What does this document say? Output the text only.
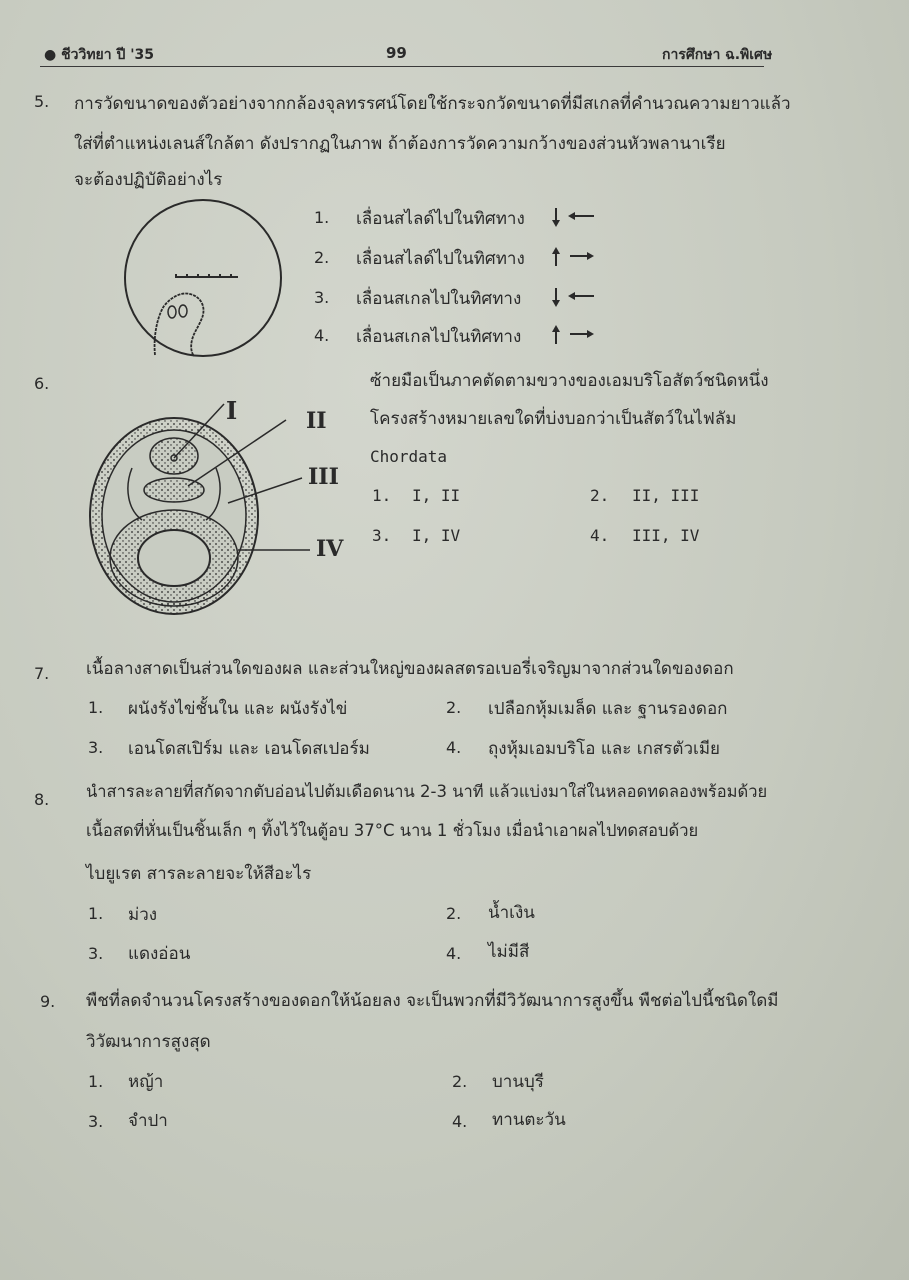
● ชีววิทยา ปี '35	99	การศึกษา ฉ.พิเศษ
5. การวัดขนาดของตัวอย่างจากกล้องจุลทรรศน์โดยใช้กระจกวัดขนาดที่มีสเกลที่คำนวณความยาวแล้ว
ใส่ที่ตำแหน่งเลนส์ใกล้ตา ดังปรากฏในภาพ ถ้าต้องการวัดความกว้างของส่วนหัวพลานาเรีย
จะต้องปฏิบัติอย่างไร
1. เลื่อนสไลด์ไปในทิศทาง
2. เลื่อนสไลด์ไปในทิศทาง
3. เลื่อนสเกลไปในทิศทาง
4. เลื่อนสเกลไปในทิศทาง
6.	ซ้ายมือเป็นภาคตัดตามขวางของเอมบริโอสัตว์ชนิดหนึ่ง
โครงสร้างหมายเลขใดที่บ่งบอกว่าเป็นสัตว์ในไฟลัม
Chordata
I	II
III
IV
1. I, II	2. II, III
3. I, IV	4. III, IV
7. เนื้อลางสาดเป็นส่วนใดของผล และส่วนใหญ่ของผลสตรอเบอรี่เจริญมาจากส่วนใดของดอก
1. ผนังรังไข่ชั้นใน และ ผนังรังไข่	2. เปลือกหุ้มเมล็ด และ ฐานรองดอก
3. เอนโดสเปิร์ม และ เอนโดสเปอร์ม	4. ถุงหุ้มเอมบริโอ และ เกสรตัวเมีย
8. นำสารละลายที่สกัดจากตับอ่อนไปต้มเดือดนาน 2-3 นาที แล้วแบ่งมาใส่ในหลอดทดลองพร้อมด้วย
เนื้อสดที่หั่นเป็นชิ้นเล็ก ๆ ทิ้งไว้ในตู้อบ 37°C นาน 1 ชั่วโมง เมื่อนำเอาผลไปทดสอบด้วย
ไบยูเรต สารละลายจะให้สีอะไร
1. ม่วง	2. น้ำเงิน
3. แดงอ่อน	4. ไม่มีสี
9. พืชที่ลดจำนวนโครงสร้างของดอกให้น้อยลง จะเป็นพวกที่มีวิวัฒนาการสูงขึ้น พืชต่อไปนี้ชนิดใดมี
วิวัฒนาการสูงสุด
1. หญ้า	2. บานบุรี
3. จำปา	4. ทานตะวัน
